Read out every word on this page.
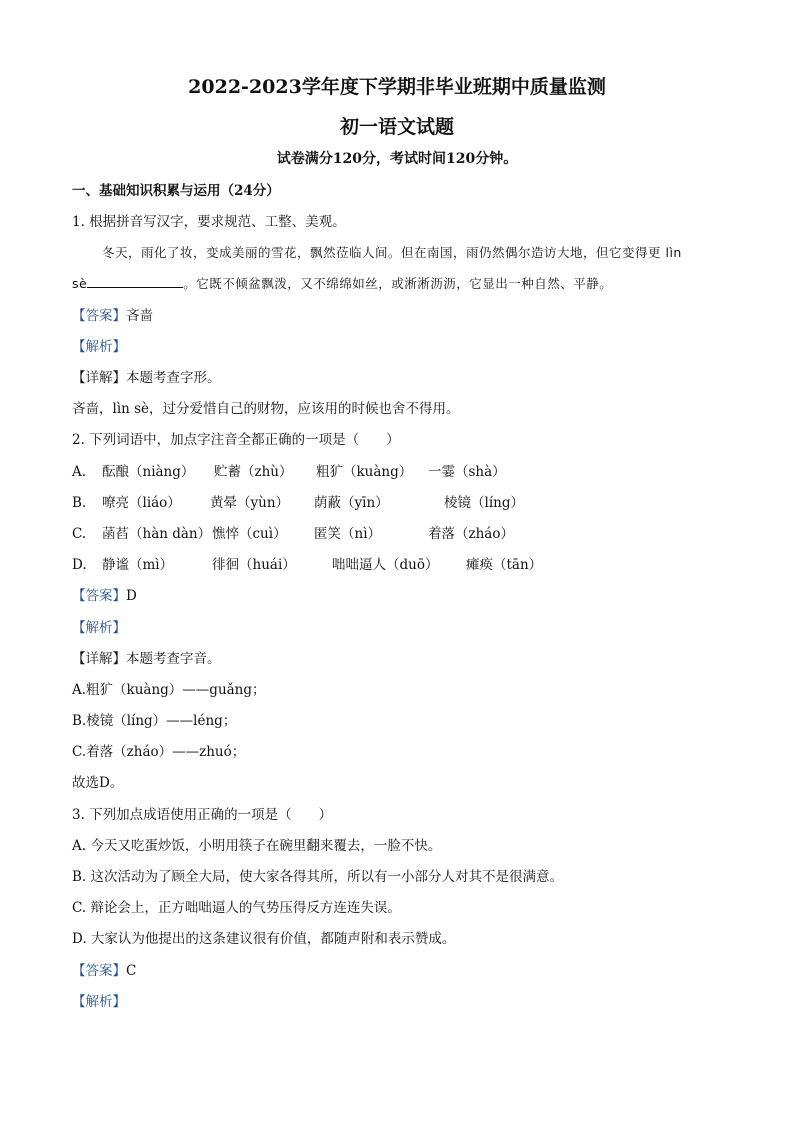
2022-2023学年度下学期非毕业班期中质量监测
初一语文试题
试卷满分120分，考试时间120分钟。
一、基础知识积累与运用（24分）
1. 根据拼音写汉字，要求规范、工整、美观。
冬天，雨化了妆，变成美丽的雪花，飘然莅临人间。但在南国，雨仍然偶尔造访大地，但它变得更 lìn
sè	。它既不倾盆飘泼，又不绵绵如丝，或淅淅沥沥，它显出一种自然、平静。
【答案】吝啬
【解析】
【详解】本题考查字形。
吝啬，lìn sè，过分爱惜自己的财物，应该用的时候也舍不得用。
2. 下列词语中，加点字注音全都正确的一项是（　　）
A. 酝酿（niàng） 贮蓄（zhù） 粗犷（kuàng） 一霎（shà）
B. 嘹亮（liáo） 黄晕（yùn） 荫蔽（yīn）	棱镜（líng）
C. 菡萏（hàn dàn）憔悴（cuì） 匿笑（nì）	着落（zháo）
D. 静谧（mì）	徘徊（huái）	咄咄逼人（duō） 瘫痪（tān）
【答案】D
【解析】
【详解】本题考查字音。
A.粗犷（kuàng）——guǎng；
B.棱镜（líng）——léng；
C.着落（zháo）——zhuó；
故选D。
3. 下列加点成语使用正确的一项是（　　）
A. 今天又吃蛋炒饭，小明用筷子在碗里翻来覆去，一脸不快。
B. 这次活动为了顾全大局，使大家各得其所，所以有一小部分人对其不是很满意。
C. 辩论会上，正方咄咄逼人的气势压得反方连连失误。
D. 大家认为他提出的这条建议很有价值，都随声附和表示赞成。
【答案】C
【解析】
